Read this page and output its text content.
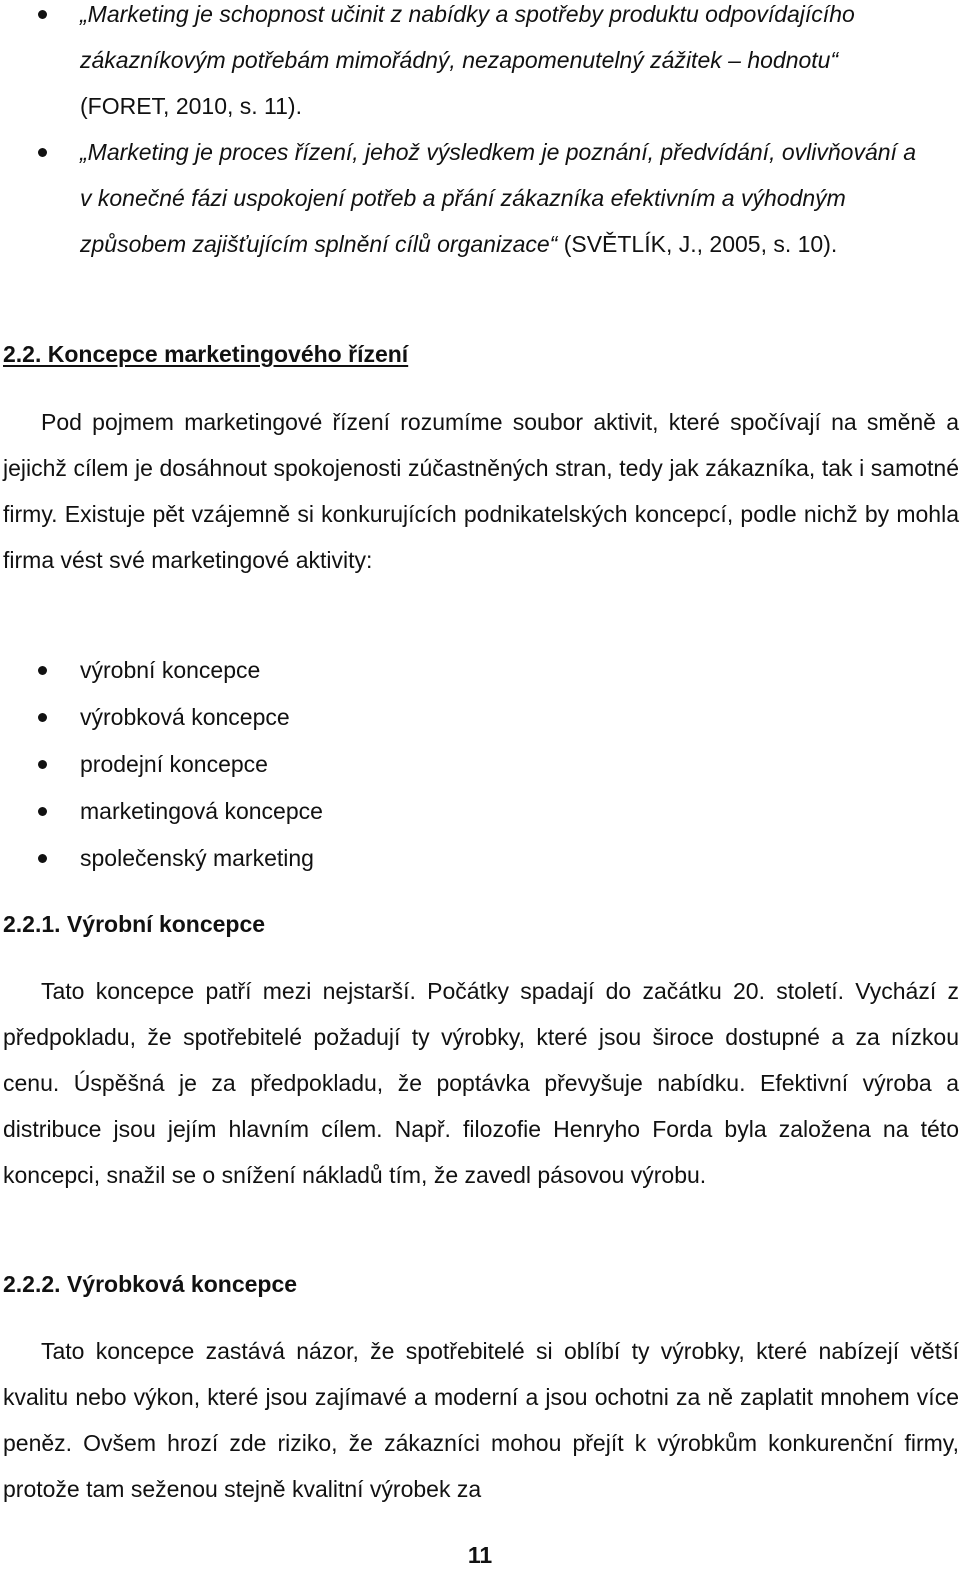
„Marketing je schopnost učinit z nabídky a spotřeby produktu odpovídajícího zákazníkovým potřebám mimořádný, nezapomenutelný zážitek – hodnotu“ (FORET, 2010, s. 11).
„Marketing je proces řízení, jehož výsledkem je poznání, předvídání, ovlivňování a v konečné fázi uspokojení potřeb a přání zákazníka efektivním a výhodným způsobem zajišťujícím splnění cílů organizace“ (SVĚTLÍK, J., 2005, s. 10).
2.2. Koncepce marketingového řízení

Pod pojmem marketingové řízení rozumíme soubor aktivit, které spočívají na směně a jejichž cílem je dosáhnout spokojenosti zúčastněných stran, tedy jak zákazníka, tak i samotné firmy. Existuje pět vzájemně si konkurujících podnikatelských koncepcí, podle nichž by mohla firma vést své marketingové aktivity:

výrobní koncepce
výrobková koncepce
prodejní koncepce
marketingová koncepce
společenský marketing
2.2.1. Výrobní koncepce

Tato koncepce patří mezi nejstarší. Počátky spadají do začátku 20. století. Vychází z předpokladu, že spotřebitelé požadují ty výrobky, které jsou široce dostupné a za nízkou cenu. Úspěšná je za předpokladu, že poptávka převyšuje nabídku. Efektivní výroba a distribuce jsou jejím hlavním cílem. Např. filozofie Henryho Forda byla založena na této koncepci, snažil se o snížení nákladů tím, že zavedl pásovou výrobu.

2.2.2. Výrobková koncepce

Tato koncepce zastává názor, že spotřebitelé si oblíbí ty výrobky, které nabízejí větší kvalitu nebo výkon, které jsou zajímavé a moderní a jsou ochotni za ně zaplatit mnohem více peněz. Ovšem hrozí zde riziko, že zákazníci mohou přejít k výrobkům konkurenční firmy, protože tam seženou stejně kvalitní výrobek za

11
